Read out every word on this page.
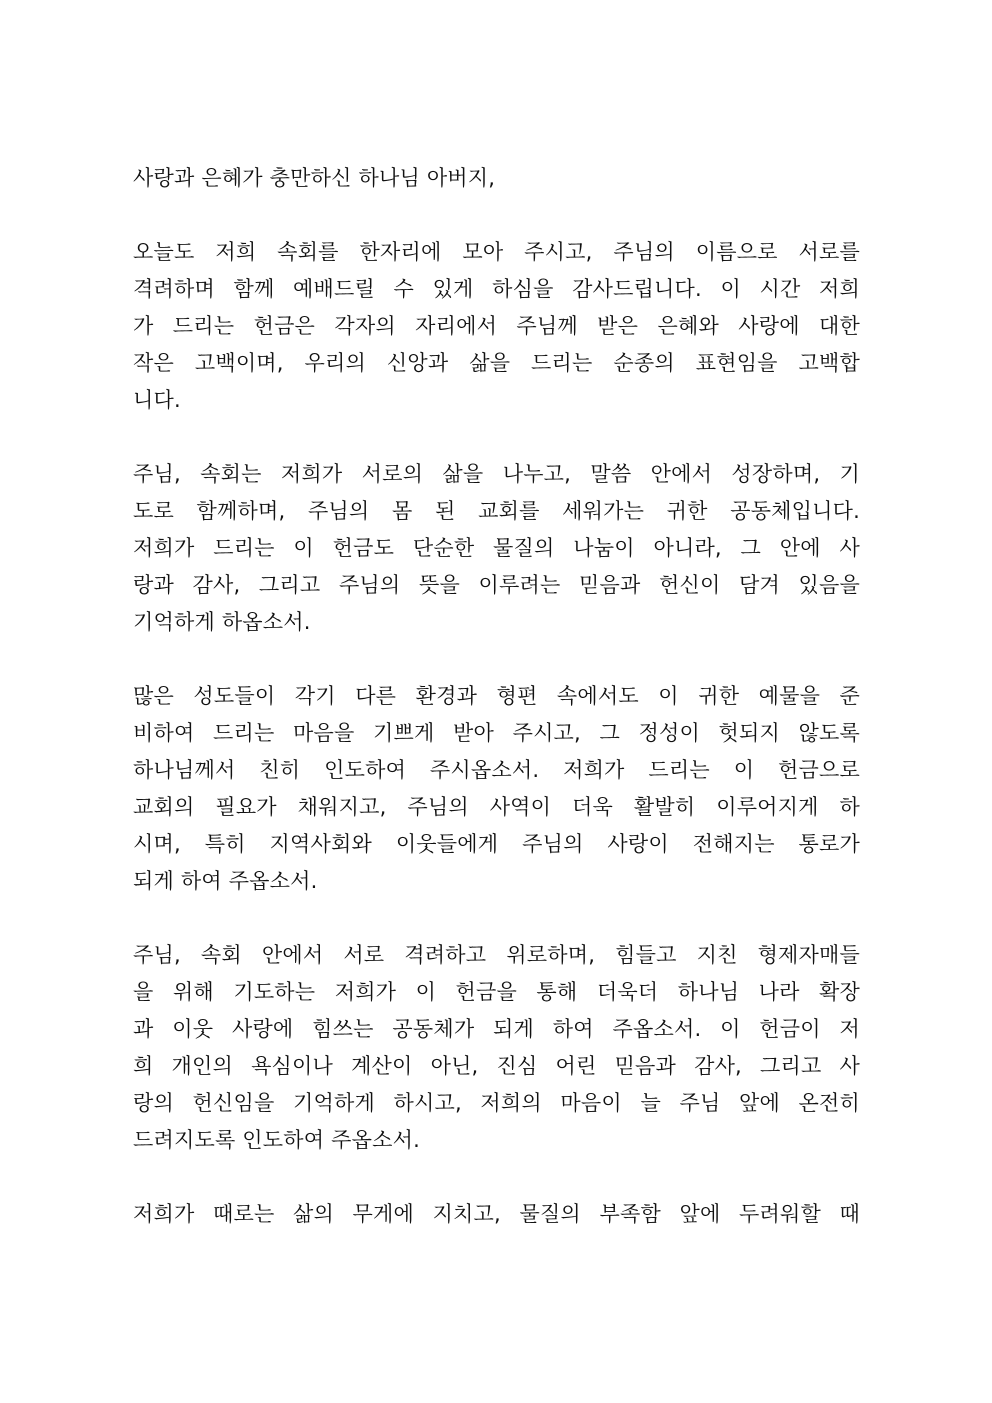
사랑과 은혜가 충만하신 하나님 아버지,
오늘도 저희 속회를 한자리에 모아 주시고, 주님의 이름으로 서로를
격려하며 함께 예배드릴 수 있게 하심을 감사드립니다. 이 시간 저희
가 드리는 헌금은 각자의 자리에서 주님께 받은 은혜와 사랑에 대한
작은 고백이며, 우리의 신앙과 삶을 드리는 순종의 표현임을 고백합
니다.
주님, 속회는 저희가 서로의 삶을 나누고, 말씀 안에서 성장하며, 기
도로 함께하며, 주님의 몸 된 교회를 세워가는 귀한 공동체입니다.
저희가 드리는 이 헌금도 단순한 물질의 나눔이 아니라, 그 안에 사
랑과 감사, 그리고 주님의 뜻을 이루려는 믿음과 헌신이 담겨 있음을
기억하게 하옵소서.
많은 성도들이 각기 다른 환경과 형편 속에서도 이 귀한 예물을 준
비하여 드리는 마음을 기쁘게 받아 주시고, 그 정성이 헛되지 않도록
하나님께서 친히 인도하여 주시옵소서. 저희가 드리는 이 헌금으로
교회의 필요가 채워지고, 주님의 사역이 더욱 활발히 이루어지게 하
시며, 특히 지역사회와 이웃들에게 주님의 사랑이 전해지는 통로가
되게 하여 주옵소서.
주님, 속회 안에서 서로 격려하고 위로하며, 힘들고 지친 형제자매들
을 위해 기도하는 저희가 이 헌금을 통해 더욱더 하나님 나라 확장
과 이웃 사랑에 힘쓰는 공동체가 되게 하여 주옵소서. 이 헌금이 저
희 개인의 욕심이나 계산이 아닌, 진심 어린 믿음과 감사, 그리고 사
랑의 헌신임을 기억하게 하시고, 저희의 마음이 늘 주님 앞에 온전히
드려지도록 인도하여 주옵소서.
저희가 때로는 삶의 무게에 지치고, 물질의 부족함 앞에 두려워할 때
